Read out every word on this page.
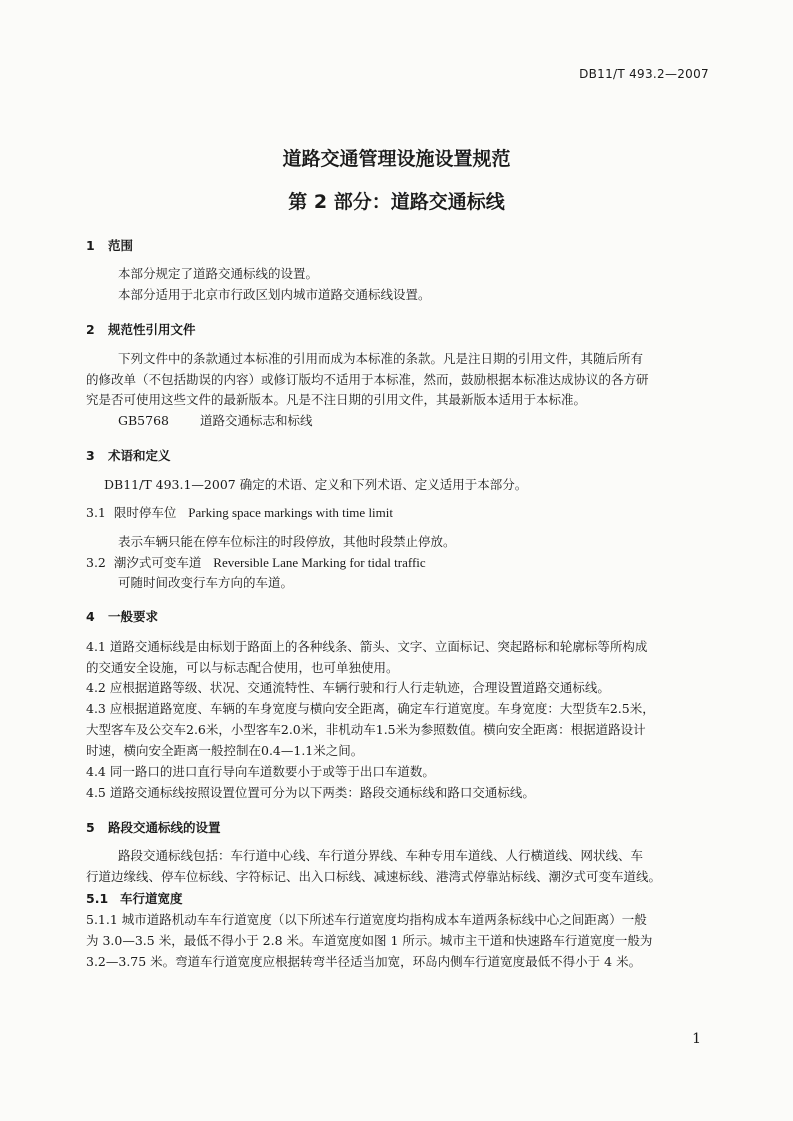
DB11/T 493.2—2007
道路交通管理设施设置规范
第 2 部分：道路交通标线
1 范围
本部分规定了道路交通标线的设置。
本部分适用于北京市行政区划内城市道路交通标线设置。
2 规范性引用文件
下列文件中的条款通过本标准的引用而成为本标准的条款。凡是注日期的引用文件，其随后所有
的修改单（不包括勘误的内容）或修订版均不适用于本标准，然而，鼓励根据本标准达成协议的各方研
究是否可使用这些文件的最新版本。凡是不注日期的引用文件，其最新版本适用于本标准。
GB5768 道路交通标志和标线
3 术语和定义
DB11/T 493.1—2007 确定的术语、定义和下列术语、定义适用于本部分。
3.1 限时停车位 Parking space markings with time limit
表示车辆只能在停车位标注的时段停放，其他时段禁止停放。
3.2 潮汐式可变车道 Reversible Lane Marking for tidal traffic
可随时间改变行车方向的车道。
4 一般要求
4.1 道路交通标线是由标划于路面上的各种线条、箭头、文字、立面标记、突起路标和轮廓标等所构成
的交通安全设施，可以与标志配合使用，也可单独使用。
4.2 应根据道路等级、状况、交通流特性、车辆行驶和行人行走轨迹，合理设置道路交通标线。
4.3 应根据道路宽度、车辆的车身宽度与横向安全距离，确定车行道宽度。车身宽度：大型货车2.5米，
大型客车及公交车2.6米，小型客车2.0米，非机动车1.5米为参照数值。横向安全距离：根据道路设计
时速，横向安全距离一般控制在0.4—1.1米之间。
4.4 同一路口的进口直行导向车道数要小于或等于出口车道数。
4.5 道路交通标线按照设置位置可分为以下两类：路段交通标线和路口交通标线。
5 路段交通标线的设置
路段交通标线包括：车行道中心线、车行道分界线、车种专用车道线、人行横道线、网状线、车
行道边缘线、停车位标线、字符标记、出入口标线、减速标线、港湾式停靠站标线、潮汐式可变车道线。
5.1 车行道宽度
5.1.1 城市道路机动车车行道宽度（以下所述车行道宽度均指构成本车道两条标线中心之间距离）一般
为 3.0—3.5 米，最低不得小于 2.8 米。车道宽度如图 1 所示。城市主干道和快速路车行道宽度一般为
3.2—3.75 米。弯道车行道宽度应根据转弯半径适当加宽，环岛内侧车行道宽度最低不得小于 4 米。
1
